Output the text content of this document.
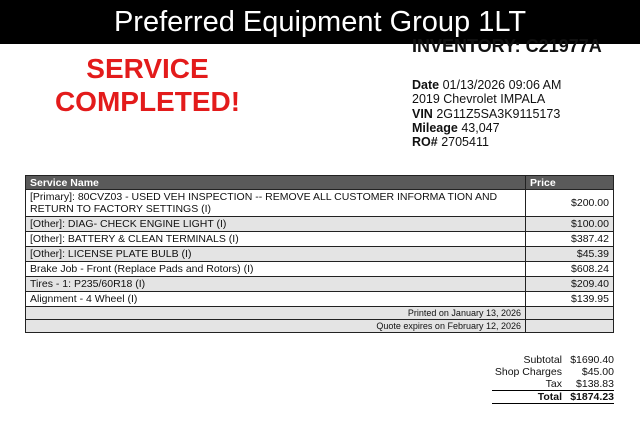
Preferred Equipment Group 1LT
INVENTORY: C21977A
SERVICE
COMPLETED!
Date 01/13/2026 09:06 AM
2019 Chevrolet IMPALA
VIN 2G11Z5SA3K9115173
Mileage 43,047
RO# 2705411
Service Name	Price
[Primary]: 80CVZ03 - USED VEH INSPECTION -- REMOVE ALL CUSTOMER INFORMA TION AND RETURN TO FACTORY SETTINGS (I)	$200.00
[Other]: DIAG- CHECK ENGINE LIGHT (I)	$100.00
[Other]: BATTERY & CLEAN TERMINALS (I)	$387.42
[Other]: LICENSE PLATE BULB (I)	$45.39
Brake Job - Front (Replace Pads and Rotors) (I)	$608.24
Tires - 1: P235/60R18 (I)	$209.40
Alignment - 4 Wheel (I)	$139.95
Printed on January 13, 2026	
Quote expires on February 12, 2026	
Subtotal $1690.40
Shop Charges	$45.00
Tax	$138.83
Total $1874.23
